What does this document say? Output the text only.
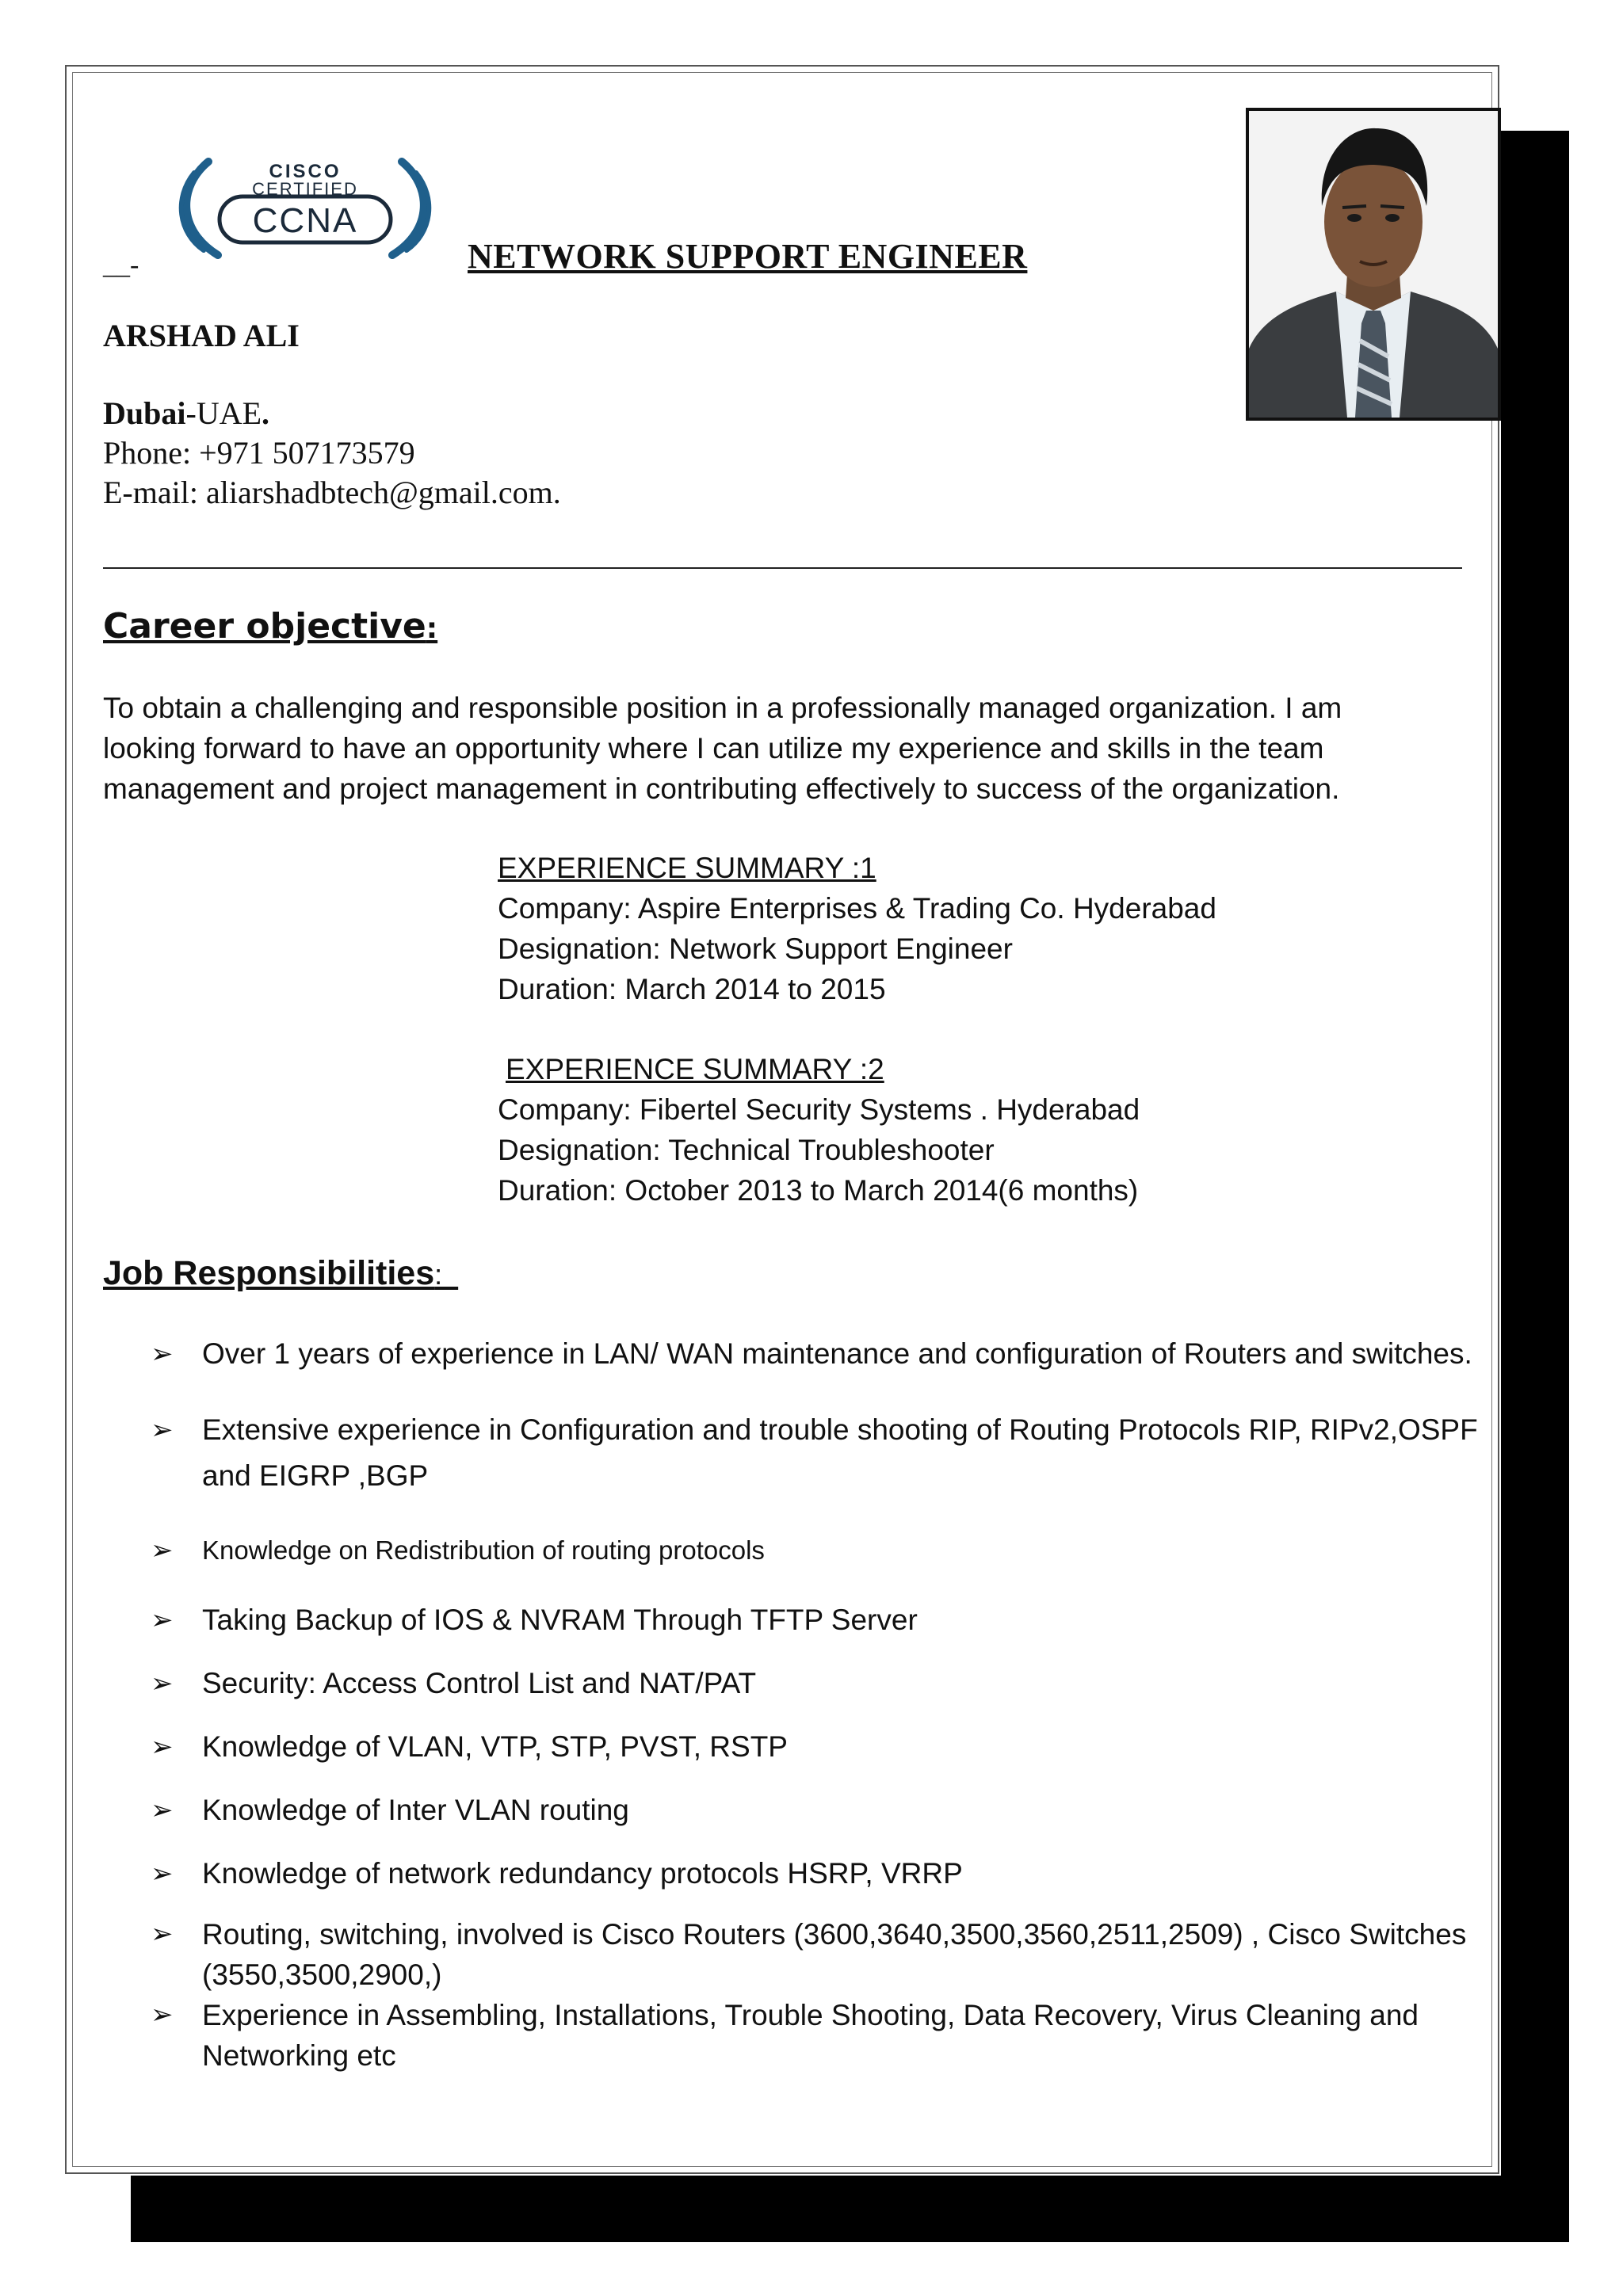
__-
CISCO
CERTIFIED
CCNA
NETWORK SUPPORT ENGINEER
ARSHAD ALI
Dubai-UAE.
Phone: +971 507173579
E-mail: aliarshadbtech@gmail.com.
Career objective:
To obtain a challenging and responsible position in a professionally managed organization. I am
looking forward to have an opportunity where I can utilize my experience and skills in the team
management and project management in contributing effectively to success of the organization.
EXPERIENCE SUMMARY :1
Company: Aspire Enterprises & Trading Co. Hyderabad
Designation: Network Support Engineer
Duration: March 2014 to 2015
EXPERIENCE SUMMARY :2
Company: Fibertel Security Systems . Hyderabad
Designation: Technical Troubleshooter
Duration: October 2013 to March 2014(6 months)
Job Responsibilities:
➢ Over 1 years of experience in LAN/ WAN maintenance and configuration of Routers and switches.
➢ Extensive experience in Configuration and trouble shooting of Routing Protocols RIP, RIPv2,OSPF and EIGRP ,BGP
➢ Knowledge on Redistribution of routing protocols
➢ Taking Backup of IOS & NVRAM Through TFTP Server
➢ Security: Access Control List and NAT/PAT
➢ Knowledge of VLAN, VTP, STP, PVST, RSTP
➢ Knowledge of Inter VLAN routing
➢ Knowledge of network redundancy protocols HSRP, VRRP
➢ Routing, switching, involved is Cisco Routers (3600,3640,3500,3560,2511,2509) , Cisco Switches (3550,3500,2900,)
➢ Experience in Assembling, Installations, Trouble Shooting, Data Recovery, Virus Cleaning and Networking etc
